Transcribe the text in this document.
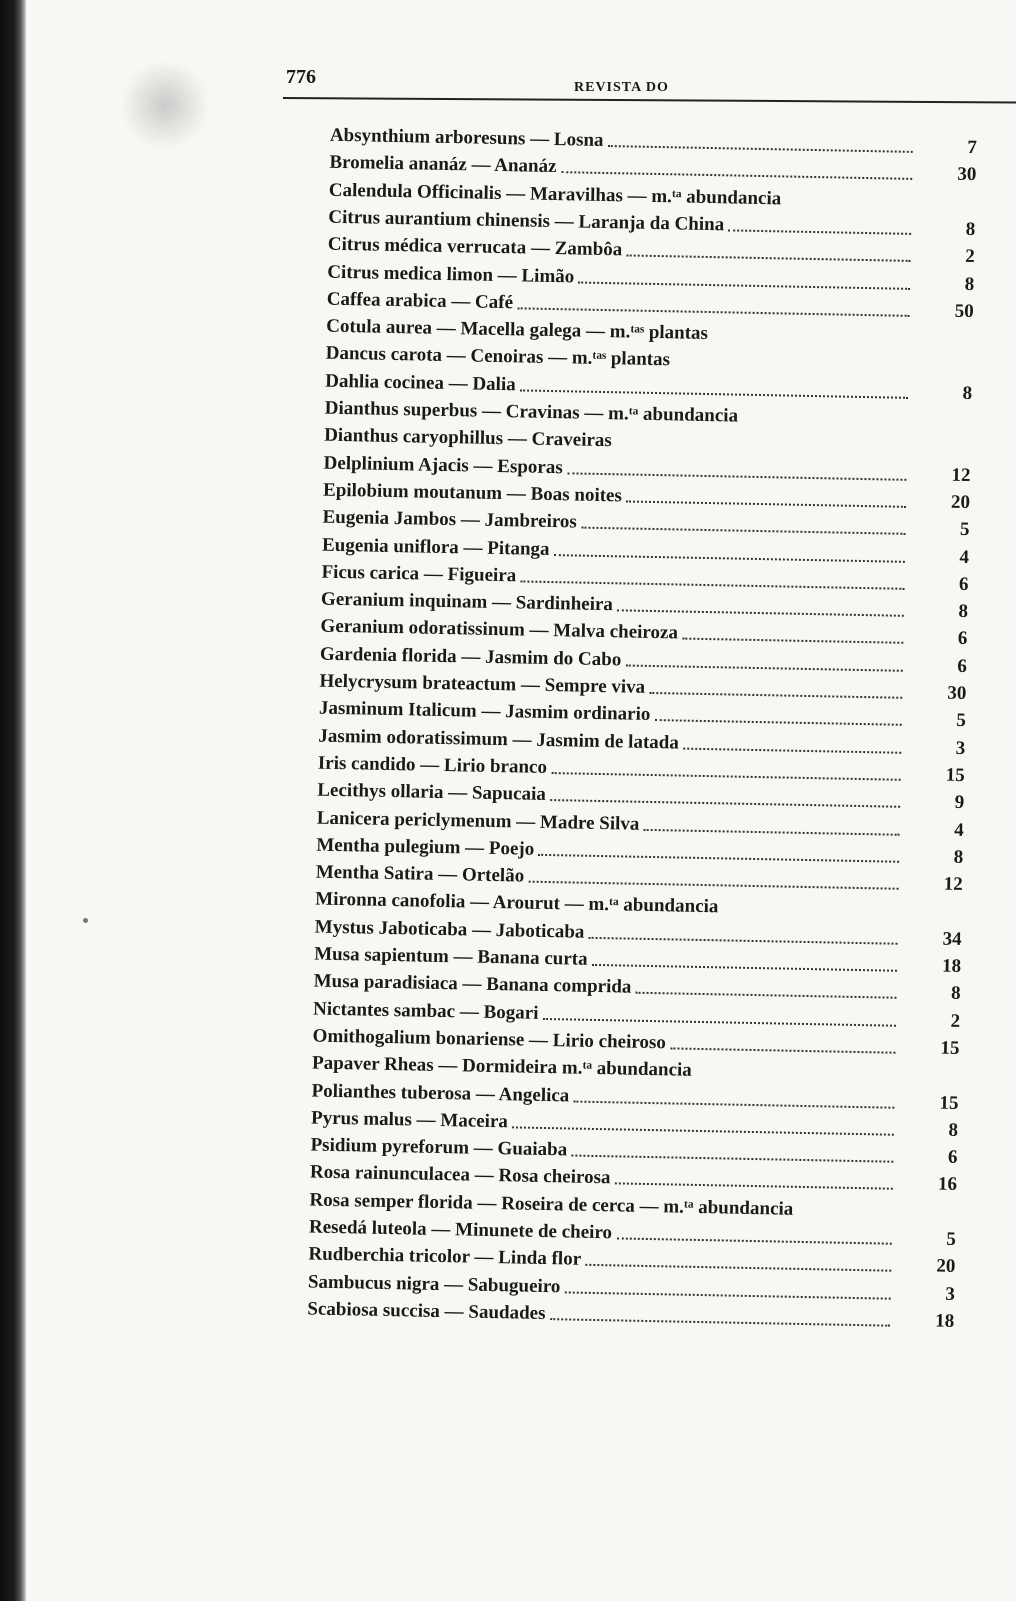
776	REVISTA DO
Absynthium arboresuns — Losna	7
Bromelia ananáz — Ananáz	30
Calendula Officinalis — Maravilhas — m.ᵗᵃ abundancia
Citrus aurantium chinensis — Laranja da China	8
Citrus médica verrucata — Zambôa	2
Citrus medica limon — Limão	8
Caffea arabica — Café	50
Cotula aurea — Macella galega — m.ᵗᵃˢ plantas
Dancus carota — Cenoiras — m.ᵗᵃˢ plantas
Dahlia cocinea — Dalia	8
Dianthus superbus — Cravinas — m.ᵗᵃ abundancia
Dianthus caryophillus — Craveiras
Delplinium Ajacis — Esporas	12
Epilobium moutanum — Boas noites	20
Eugenia Jambos — Jambreiros	5
Eugenia uniflora — Pitanga	4
Ficus carica — Figueira	6
Geranium inquinam — Sardinheira	8
Geranium odoratissinum — Malva cheiroza	6
Gardenia florida — Jasmim do Cabo	6
Helycrysum brateactum — Sempre viva	30
Jasminum Italicum — Jasmim ordinario	5
Jasmim odoratissimum — Jasmim de latada	3
Iris candido — Lirio branco	15
Lecithys ollaria — Sapucaia	9
Lanicera periclymenum — Madre Silva	4
Mentha pulegium — Poejo	8
Mentha Satira — Ortelão	12
Mironna canofolia — Arourut — m.ᵗᵃ abundancia
Mystus Jaboticaba — Jaboticaba	34
Musa sapientum — Banana curta	18
Musa paradisiaca — Banana comprida	8
Nictantes sambac — Bogari	2
Omithogalium bonariense — Lirio cheiroso	15
Papaver Rheas — Dormideira m.ᵗᵃ abundancia
Polianthes tuberosa — Angelica	15
Pyrus malus — Maceira	8
Psidium pyreforum — Guaiaba	6
Rosa rainunculacea — Rosa cheirosa	16
Rosa semper florida — Roseira de cerca — m.ᵗᵃ abundancia
Resedá luteola — Minunete de cheiro	5
Rudberchia tricolor — Linda flor	20
Sambucus nigra — Sabugueiro	3
Scabiosa succisa — Saudades	18
